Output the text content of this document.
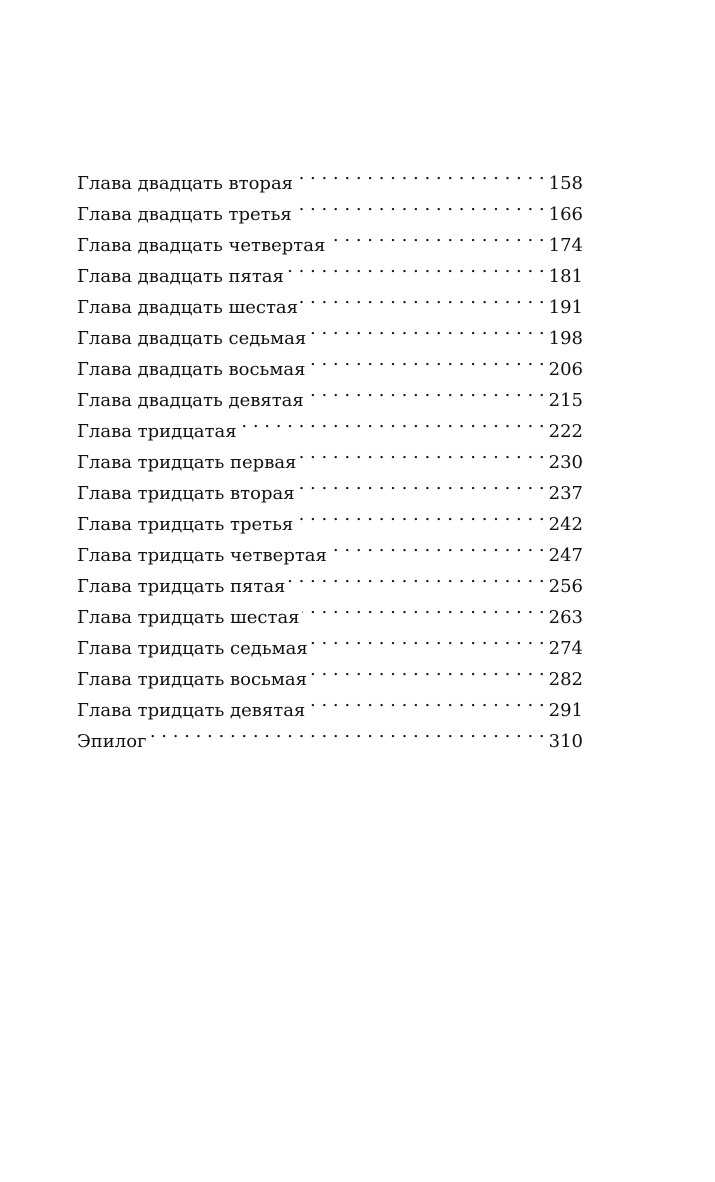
Глава двадцать вторая . . .	158
Глава двадцать третья . . .	166
Глава двадцать четвертая . . .	174
Глава двадцать пятая . . .	181
Глава двадцать шестая . . .	191
Глава двадцать седьмая . . .	198
Глава двадцать восьмая . . .	206
Глава двадцать девятая . . .	215
Глава тридцатая . . .	222
Глава тридцать первая . . .	230
Глава тридцать вторая . . .	237
Глава тридцать третья . . .	242
Глава тридцать четвертая . . .	247
Глава тридцать пятая . . .	256
Глава тридцать шестая . . .	263
Глава тридцать седьмая . . .	274
Глава тридцать восьмая . . .	282
Глава тридцать девятая . . .	291
Эпилог . . .	310
